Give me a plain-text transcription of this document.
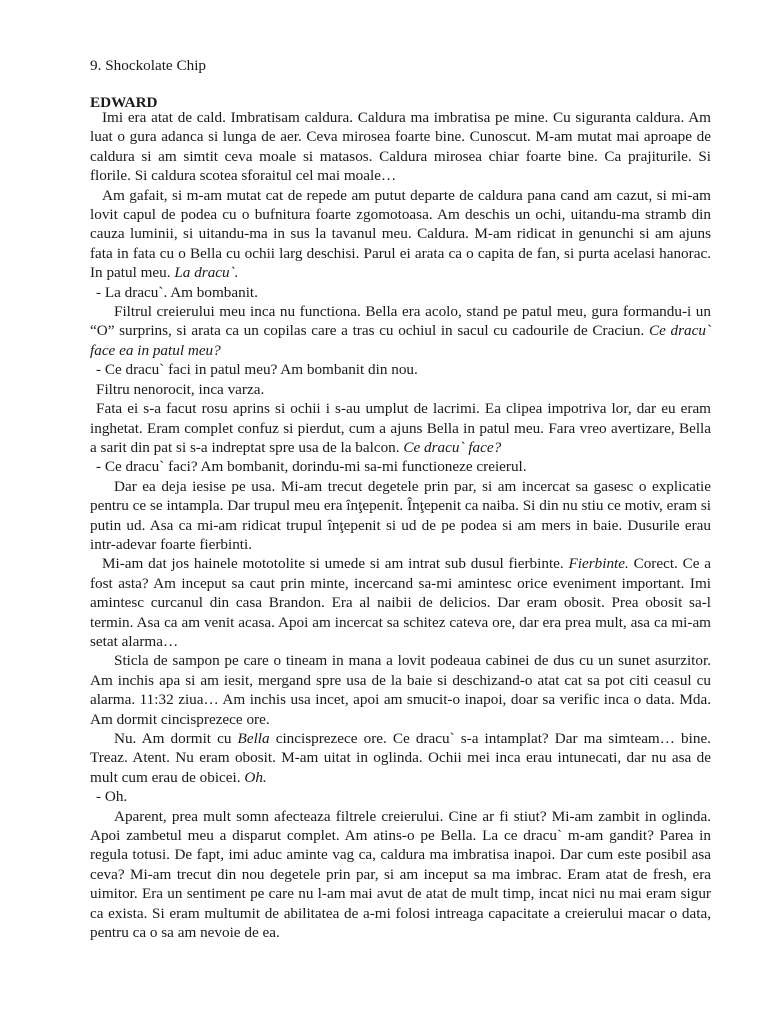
9. Shockolate Chip
EDWARD

Imi era atat de cald. Imbratisam caldura. Caldura ma imbratisa pe mine. Cu siguranta caldura. Am luat o gura adanca si lunga de aer. Ceva mirosea foarte bine. Cunoscut. M-am mutat mai aproape de caldura si am simtit ceva moale si matasos. Caldura mirosea chiar foarte bine. Ca prajiturile. Si florile. Si caldura scotea sforaitul cel mai moale…

Am gafait, si m-am mutat cat de repede am putut departe de caldura pana cand am cazut, si mi-am lovit capul de podea cu o bufnitura foarte zgomotoasa. Am deschis un ochi, uitandu-ma stramb din cauza luminii, si uitandu-ma in sus la tavanul meu. Caldura. M-am ridicat in genunchi si am ajuns fata in fata cu o Bella cu ochii larg deschisi. Parul ei arata ca o capita de fan, si purta acelasi hanorac. In patul meu. La dracu`.

- La dracu`. Am bombanit.

Filtrul creierului meu inca nu functiona. Bella era acolo, stand pe patul meu, gura formandu-i un “O” surprins, si arata ca un copilas care a tras cu ochiul in sacul cu cadourile de Craciun. Ce dracu` face ea in patul meu?

- Ce dracu` faci in patul meu? Am bombanit din nou.

Filtru nenorocit, inca varza.

Fata ei s-a facut rosu aprins si ochii i s-au umplut de lacrimi. Ea clipea impotriva lor, dar eu eram inghetat. Eram complet confuz si pierdut, cum a ajuns Bella in patul meu. Fara vreo avertizare, Bella a sarit din pat si s-a indreptat spre usa de la balcon. Ce dracu` face?

- Ce dracu` faci? Am bombanit, dorindu-mi sa-mi functioneze creierul.

Dar ea deja iesise pe usa. Mi-am trecut degetele prin par, si am incercat sa gasesc o explicatie pentru ce se intampla. Dar trupul meu era înţepenit. Înţepenit ca naiba. Si din nu stiu ce motiv, eram si putin ud. Asa ca mi-am ridicat trupul înţepenit si ud de pe podea si am mers in baie. Dusurile erau intr-adevar foarte fierbinti.

Mi-am dat jos hainele mototolite si umede si am intrat sub dusul fierbinte. Fierbinte. Corect. Ce a fost asta? Am inceput sa caut prin minte, incercand sa-mi amintesc orice eveniment important. Imi amintesc curcanul din casa Brandon. Era al naibii de delicios. Dar eram obosit. Prea obosit sa-l termin. Asa ca am venit acasa. Apoi am incercat sa schitez cateva ore, dar era prea mult, asa ca mi-am setat alarma…

Sticla de sampon pe care o tineam in mana a lovit podeaua cabinei de dus cu un sunet asurzitor. Am inchis apa si am iesit, mergand spre usa de la baie si deschizand-o atat cat sa pot citi ceasul cu alarma. 11:32 ziua… Am inchis usa incet, apoi am smucit-o inapoi, doar sa verific inca o data. Mda. Am dormit cincisprezece ore.

Nu. Am dormit cu Bella cincisprezece ore. Ce dracu` s-a intamplat? Dar ma simteam… bine. Treaz. Atent. Nu eram obosit. M-am uitat in oglinda. Ochii mei inca erau intunecati, dar nu asa de mult cum erau de obicei. Oh.

- Oh.

Aparent, prea mult somn afecteaza filtrele creierului. Cine ar fi stiut? Mi-am zambit in oglinda. Apoi zambetul meu a disparut complet. Am atins-o pe Bella. La ce dracu` m-am gandit? Parea in regula totusi. De fapt, imi aduc aminte vag ca, caldura ma imbratisa inapoi. Dar cum este posibil asa ceva? Mi-am trecut din nou degetele prin par, si am inceput sa ma imbrac. Eram atat de fresh, era uimitor. Era un sentiment pe care nu l-am mai avut de atat de mult timp, incat nici nu mai eram sigur ca exista. Si eram multumit de abilitatea de a-mi folosi intreaga capacitate a creierului macar o data, pentru ca o sa am nevoie de ea.
